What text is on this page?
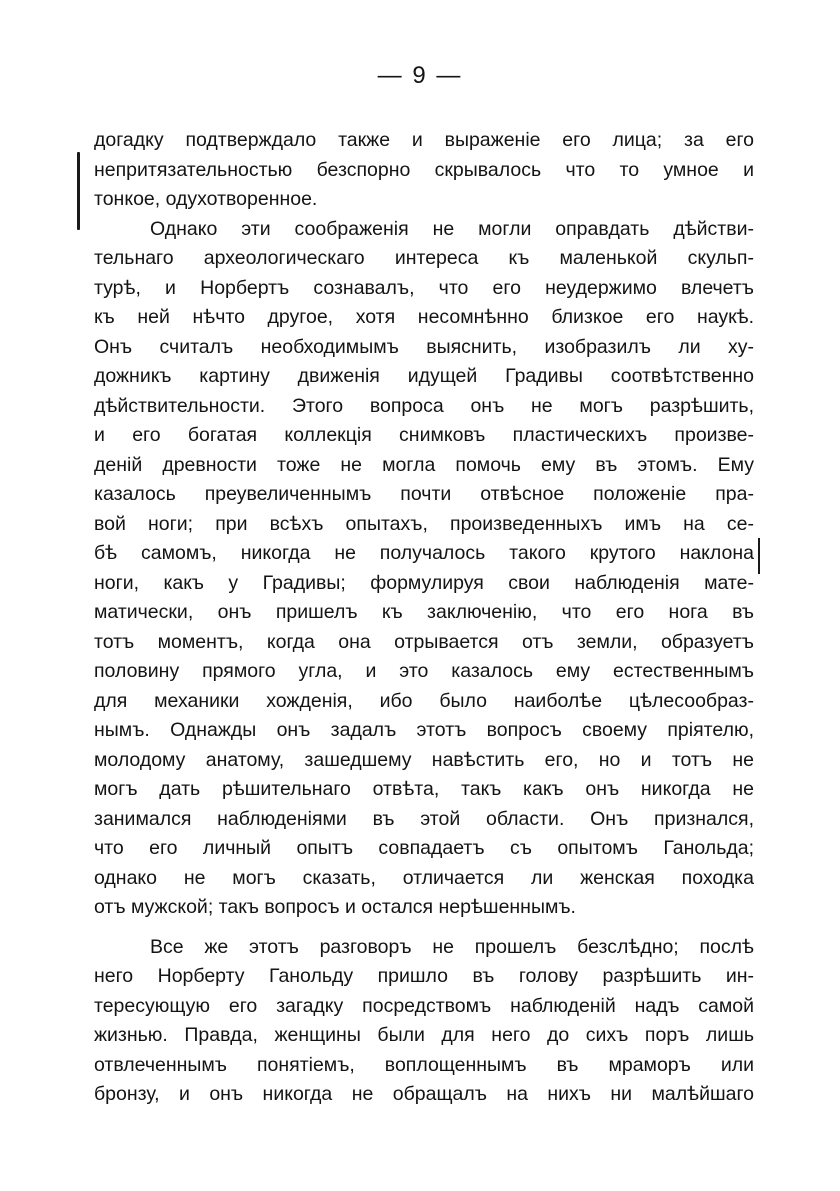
— 9 —
догадку подтверждало также и выраженіе его лица; за его
непритязательностью безспорно скрывалось что то умное и
тонкое, одухотворенное.
Однако эти соображенія не могли оправдать дѣйстви-
тельнаго археологическаго интереса къ маленькой скульп-
турѣ, и Норбертъ сознавалъ, что его неудержимо влечетъ
къ ней нѣчто другое, хотя несомнѣнно близкое его наукѣ.
Онъ считалъ необходимымъ выяснить, изобразилъ ли ху-
дожникъ картину движенія идущей Градивы соотвѣтственно
дѣйствительности. Этого вопроса онъ не могъ разрѣшить,
и его богатая коллекція снимковъ пластическихъ произве-
деній древности тоже не могла помочь ему въ этомъ. Ему
казалось преувеличеннымъ почти отвѣсное положеніе пра-
вой ноги; при всѣхъ опытахъ, произведенныхъ имъ на се-
бѣ самомъ, никогда не получалось такого крутого наклона
ноги, какъ у Градивы; формулируя свои наблюденія мате-
матически, онъ пришелъ къ заключенію, что его нога въ
тотъ моментъ, когда она отрывается отъ земли, образуетъ
половину прямого угла, и это казалось ему естественнымъ
для механики хожденія, ибо было наиболѣе цѣлесообраз-
нымъ. Однажды онъ задалъ этотъ вопросъ своему пріятелю,
молодому анатому, зашедшему навѣстить его, но и тотъ не
могъ дать рѣшительнаго отвѣта, такъ какъ онъ никогда не
занимался наблюденіями въ этой области. Онъ признался,
что его личный опытъ совпадаетъ съ опытомъ Ганольда;
однако не могъ сказать, отличается ли женская походка
отъ мужской; такъ вопросъ и остался нерѣшеннымъ.
Все же этотъ разговоръ не прошелъ безслѣдно; послѣ
него Норберту Ганольду пришло въ голову разрѣшить ин-
тересующую его загадку посредствомъ наблюденій надъ самой
жизнью. Правда, женщины были для него до сихъ поръ лишь
отвлеченнымъ понятіемъ, воплощеннымъ въ мраморъ или
бронзу, и онъ никогда не обращалъ на нихъ ни малѣйшаго
